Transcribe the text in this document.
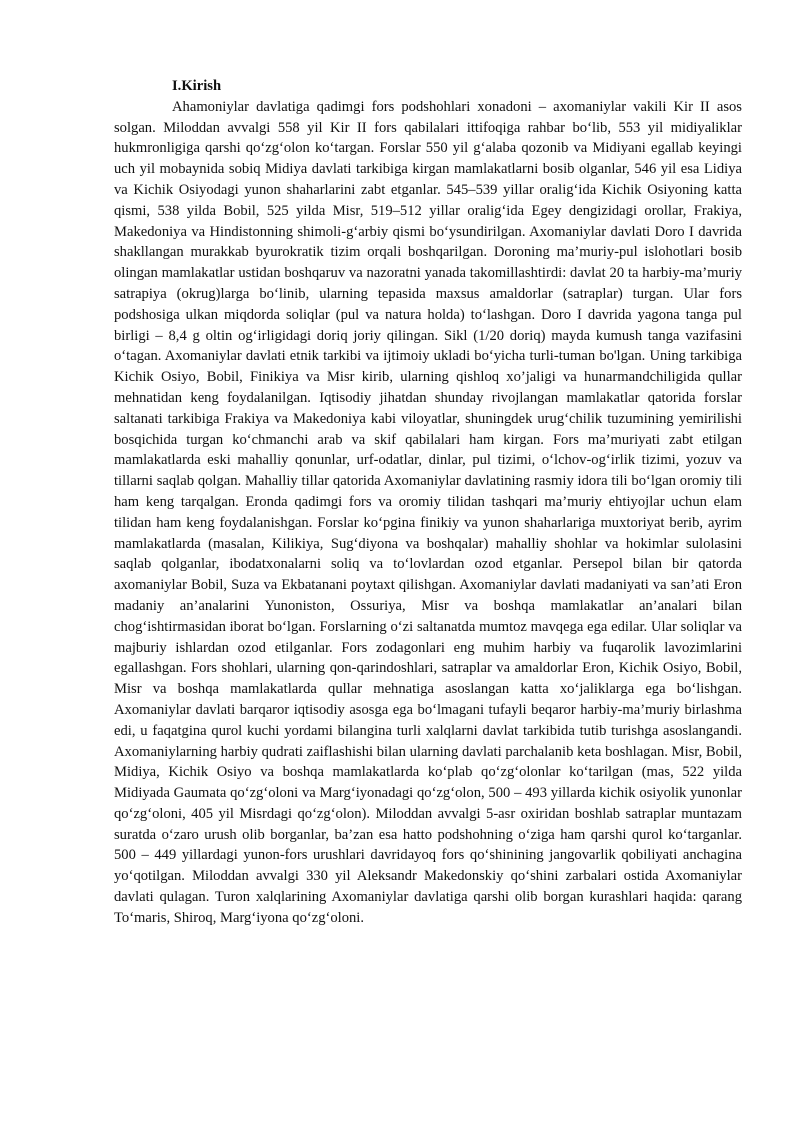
I.Kirish

Ahamoniylar davlatiga qadimgi fors podshohlari xonadoni – axomaniylar vakili Kir II asos solgan. Miloddan avvalgi 558 yil Kir II fors qabilalari ittifoqiga rahbar bo‘lib, 553 yil midiyaliklar hukmronligiga qarshi qo‘zg‘olon ko‘targan. Forslar 550 yil g‘alaba qozonib va Midiyani egallab keyingi uch yil mobaynida sobiq Midiya davlati tarkibiga kirgan mamlakatlarni bosib olganlar, 546 yil esa Lidiya va Kichik Osiyodagi yunon shaharlarini zabt etganlar. 545–539 yillar oralig‘ida Kichik Osiyoning katta qismi, 538 yilda Bobil, 525 yilda Misr, 519–512 yillar oralig‘ida Egey dengizidagi orollar, Frakiya, Makedoniya va Hindistonning shimoli-g‘arbiy qismi bo‘ysundirilgan. Axomaniylar davlati Doro I davrida shakllangan murakkab byurokratik tizim orqali boshqarilgan. Doroning ma’muriy-pul islohotlari bosib olingan mamlakatlar ustidan boshqaruv va nazoratni yanada takomillashtirdi: davlat 20 ta harbiy-ma’muriy satrapiya (okrug)larga bo‘linib, ularning tepasida maxsus amaldorlar (satraplar) turgan. Ular fors podshosiga ulkan miqdorda soliqlar (pul va natura holda) to‘lashgan. Doro I davrida yagona tanga pul birligi – 8,4 g oltin og‘irligidagi doriq joriy qilingan. Sikl (1/20 doriq) mayda kumush tanga vazifasini o‘tagan. Axomaniylar davlati etnik tarkibi va ijtimoiy ukladi bo‘yicha turli-tuman bo'lgan. Uning tarkibiga Kichik Osiyo, Bobil, Finikiya va Misr kirib, ularning qishloq xo’jaligi va hunarmandchiligida qullar mehnatidan keng foydalanilgan. Iqtisodiy jihatdan shunday rivojlangan mamlakatlar qatorida forslar saltanati tarkibiga Frakiya va Makedoniya kabi viloyatlar, shuningdek urug‘chilik tuzumining yemirilishi bosqichida turgan ko‘chmanchi arab va skif qabilalari ham kirgan. Fors ma’muriyati zabt etilgan mamlakatlarda eski mahalliy qonunlar, urf-odatlar, dinlar, pul tizimi, o‘lchov-og‘irlik tizimi, yozuv va tillarni saqlab qolgan. Mahalliy tillar qatorida Axomaniylar davlatining rasmiy idora tili bo‘lgan oromiy tili ham keng tarqalgan. Eronda qadimgi fors va oromiy tilidan tashqari ma’muriy ehtiyojlar uchun elam tilidan ham keng foydalanishgan. Forslar ko‘pgina finikiy va yunon shaharlariga muxtoriyat berib, ayrim mamlakatlarda (masalan, Kilikiya, Sug‘diyona va boshqalar) mahalliy shohlar va hokimlar sulolasini saqlab qolganlar, ibodatxonalarni soliq va to‘lovlardan ozod etganlar. Persepol bilan bir qatorda axomaniylar Bobil, Suza va Ekbatanani poytaxt qilishgan. Axomaniylar davlati madaniyati va san’ati Eron madaniy an’analarini Yunoniston, Ossuriya, Misr va boshqa mamlakatlar an’analari bilan chog‘ishtirmasidan iborat bo‘lgan. Forslarning o‘zi saltanatda mumtoz mavqega ega edilar. Ular soliqlar va majburiy ishlardan ozod etilganlar. Fors zodagonlari eng muhim harbiy va fuqarolik lavozimlarini egallashgan. Fors shohlari, ularning qon-qarindoshlari, satraplar va amaldorlar Eron, Kichik Osiyo, Bobil, Misr va boshqa mamlakatlarda qullar mehnatiga asoslangan katta xo‘jaliklarga ega bo‘lishgan. Axomaniylar davlati barqaror iqtisodiy asosga ega bo‘lmagani tufayli beqaror harbiy-ma’muriy birlashma edi, u faqatgina qurol kuchi yordami bilangina turli xalqlarni davlat tarkibida tutib turishga asoslangandi. Axomaniylarning harbiy qudrati zaiflashishi bilan ularning davlati parchalanib keta boshlagan. Misr, Bobil, Midiya, Kichik Osiyo va boshqa mamlakatlarda ko‘plab qo‘zg‘olonlar ko‘tarilgan (mas, 522 yilda Midiyada Gaumata qo‘zg‘oloni va Marg‘iyonadagi qo‘zg‘olon, 500 – 493 yillarda kichik osiyolik yunonlar qo‘zg‘oloni, 405 yil Misrdagi qo‘zg‘olon). Miloddan avvalgi 5-asr oxiridan boshlab satraplar muntazam suratda o‘zaro urush olib borganlar, ba’zan esa hatto podshohning o‘ziga ham qarshi qurol ko‘targanlar. 500 – 449 yillardagi yunon-fors urushlari davridayoq fors qo‘shinining jangovarlik qobiliyati anchagina yo‘qotilgan. Miloddan avvalgi 330 yil Aleksandr Makedonskiy qo‘shini zarbalari ostida Axomaniylar davlati qulagan. Turon xalqlarining Axomaniylar davlatiga qarshi olib borgan kurashlari haqida: qarang To‘maris, Shiroq, Marg‘iyona qo‘zg‘oloni.
